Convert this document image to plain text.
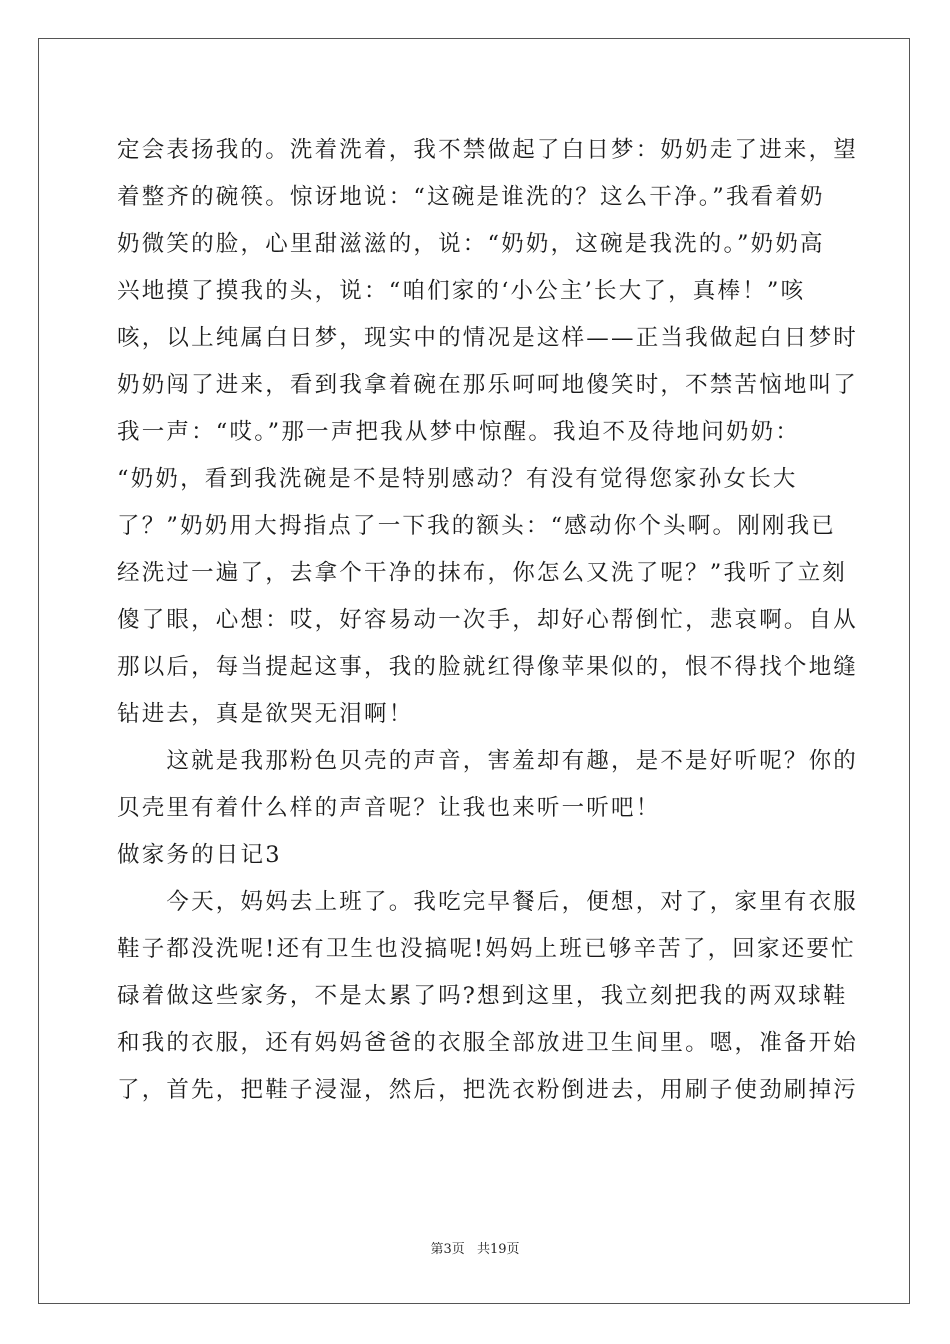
定会表扬我的。洗着洗着，我不禁做起了白日梦：奶奶走了进来，望
着整齐的碗筷。惊讶地说：“这碗是谁洗的？这么干净。”我看着奶
奶微笑的脸，心里甜滋滋的，说：“奶奶，这碗是我洗的。”奶奶高
兴地摸了摸我的头，说：“咱们家的‘小公主’长大了，真棒！”咳
咳，以上纯属白日梦，现实中的情况是这样——正当我做起白日梦时
奶奶闯了进来，看到我拿着碗在那乐呵呵地傻笑时，不禁苦恼地叫了
我一声：“哎。”那一声把我从梦中惊醒。我迫不及待地问奶奶：
“奶奶，看到我洗碗是不是特别感动？有没有觉得您家孙女长大
了？”奶奶用大拇指点了一下我的额头：“感动你个头啊。刚刚我已
经洗过一遍了，去拿个干净的抹布，你怎么又洗了呢？”我听了立刻
傻了眼，心想：哎，好容易动一次手，却好心帮倒忙，悲哀啊。自从
那以后，每当提起这事，我的脸就红得像苹果似的，恨不得找个地缝
钻进去，真是欲哭无泪啊！
　　这就是我那粉色贝壳的声音，害羞却有趣，是不是好听呢？你的
贝壳里有着什么样的声音呢？让我也来听一听吧！
做家务的日记3
　　今天，妈妈去上班了。我吃完早餐后，便想，对了，家里有衣服
鞋子都没洗呢!还有卫生也没搞呢!妈妈上班已够辛苦了，回家还要忙
碌着做这些家务，不是太累了吗?想到这里，我立刻把我的两双球鞋
和我的衣服，还有妈妈爸爸的衣服全部放进卫生间里。嗯，准备开始
了，首先，把鞋子浸湿，然后，把洗衣粉倒进去，用刷子使劲刷掉污
第3页 共19页
